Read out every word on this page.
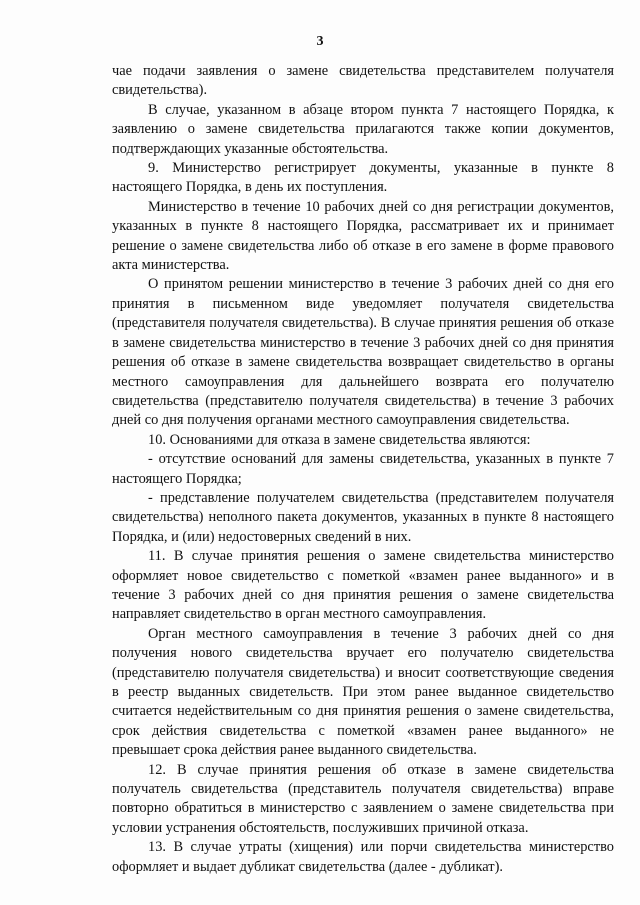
3

чае подачи заявления о замене свидетельства представителем получателя свидетельства).

В случае, указанном в абзаце втором пункта 7 настоящего Порядка, к заявлению о замене свидетельства прилагаются также копии документов, подтверждающих указанные обстоятельства.

9. Министерство регистрирует документы, указанные в пункте 8 настоящего Порядка, в день их поступления.

Министерство в течение 10 рабочих дней со дня регистрации документов, указанных в пункте 8 настоящего Порядка, рассматривает их и принимает решение о замене свидетельства либо об отказе в его замене в форме правового акта министерства.

О принятом решении министерство в течение 3 рабочих дней со дня его принятия в письменном виде уведомляет получателя свидетельства (представителя получателя свидетельства). В случае принятия решения об отказе в замене свидетельства министерство в течение 3 рабочих дней со дня принятия решения об отказе в замене свидетельства возвращает свидетельство в органы местного самоуправления для дальнейшего возврата его получателю свидетельства (представителю получателя свидетельства) в течение 3 рабочих дней со дня получения органами местного самоуправления свидетельства.

10. Основаниями для отказа в замене свидетельства являются:

- отсутствие оснований для замены свидетельства, указанных в пункте 7 настоящего Порядка;

- представление получателем свидетельства (представителем получателя свидетельства) неполного пакета документов, указанных в пункте 8 настоящего Порядка, и (или) недостоверных сведений в них.

11. В случае принятия решения о замене свидетельства министерство оформляет новое свидетельство с пометкой «взамен ранее выданного» и в течение 3 рабочих дней со дня принятия решения о замене свидетельства направляет свидетельство в орган местного самоуправления.

Орган местного самоуправления в течение 3 рабочих дней со дня получения нового свидетельства вручает его получателю свидетельства (представителю получателя свидетельства) и вносит соответствующие сведения в реестр выданных свидетельств. При этом ранее выданное свидетельство считается недействительным со дня принятия решения о замене свидетельства, срок действия свидетельства с пометкой «взамен ранее выданного» не превышает срока действия ранее выданного свидетельства.

12. В случае принятия решения об отказе в замене свидетельства получатель свидетельства (представитель получателя свидетельства) вправе повторно обратиться в министерство с заявлением о замене свидетельства при условии устранения обстоятельств, послуживших причиной отказа.

13. В случае утраты (хищения) или порчи свидетельства министерство оформляет и выдает дубликат свидетельства (далее - дубликат).
